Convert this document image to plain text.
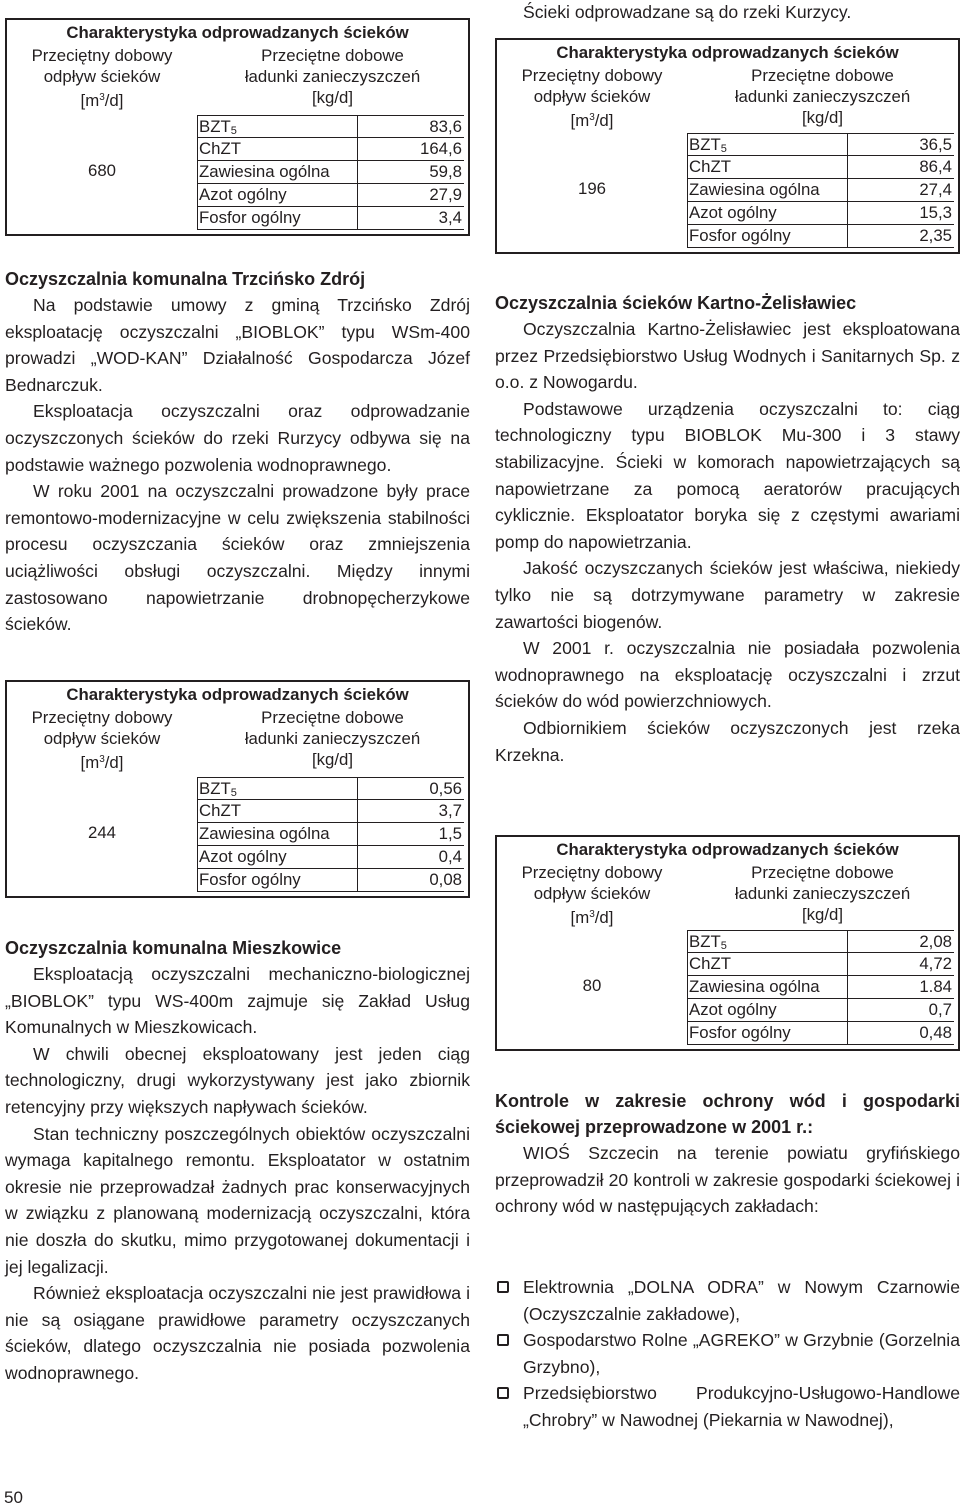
Charakterystyka odprowadzanych ścieków
Przeciętny dobowy
odpływ ścieków
$[m^3/d]$
Przeciętne dobowe
ładunki zanieczyszczeń
[kg/d]
680
$BZT_5$	83,6
ChZT	164,6
Zawiesina ogólna	59,8
Azot ogólny	27,9
Fosfor ogólny	3,4
Oczyszczalnia komunalna Trzcińsko Zdrój

Na podstawie umowy z gminą Trzcińsko Zdrój eksploatację oczyszczalni „BIOBLOK” typu WSm-400 prowadzi „WOD-KAN” Działalność Gospodarcza Józef Bednarczuk.

Eksploatacja oczyszczalni oraz odprowadzanie oczyszczonych ścieków do rzeki Rurzycy odbywa się na podstawie ważnego pozwolenia wodnoprawnego.

W roku 2001 na oczyszczalni prowadzone były prace remontowo-modernizacyjne w celu zwiększenia stabilności procesu oczyszczania ścieków oraz zmniejszenia uciążliwości obsługi oczyszczalni. Między innymi zastosowano napowietrzanie drobnopęcherzykowe ścieków.

Charakterystyka odprowadzanych ścieków
Przeciętny dobowy
odpływ ścieków
$[m^3/d]$
Przeciętne dobowe
ładunki zanieczyszczeń
[kg/d]
244
$BZT_5$	0,56
ChZT	3,7
Zawiesina ogólna	1,5
Azot ogólny	0,4
Fosfor ogólny	0,08
Oczyszczalnia komunalna Mieszkowice

Eksploatacją oczyszczalni mechaniczno-biologicznej „BIOBLOK” typu WS-400m zajmuje się Zakład Usług Komunalnych w Mieszkowicach.

W chwili obecnej eksploatowany jest jeden ciąg technologiczny, drugi wykorzystywany jest jako zbiornik retencyjny przy większych napływach ścieków.

Stan techniczny poszczególnych obiektów oczyszczalni wymaga kapitalnego remontu. Eksploatator w ostatnim okresie nie przeprowadzał żadnych prac konserwacyjnych w związku z planowaną modernizacją oczyszczalni, która nie doszła do skutku, mimo przygotowanej dokumentacji i jej legalizacji.

Również eksploatacja oczyszczalni nie jest prawidłowa i nie są osiągane prawidłowe parametry oczyszczanych ścieków, dlatego oczyszczalnia nie posiada pozwolenia wodnoprawnego.

Ścieki odprowadzane są do rzeki Kurzycy.

Charakterystyka odprowadzanych ścieków
Przeciętny dobowy
odpływ ścieków
$[m^3/d]$
Przeciętne dobowe
ładunki zanieczyszczeń
[kg/d]
196
$BZT_5$	36,5
ChZT	86,4
Zawiesina ogólna	27,4
Azot ogólny	15,3
Fosfor ogólny	2,35
Oczyszczalnia ścieków Kartno-Żelisławiec

Oczyszczalnia Kartno-Żelisławiec jest eksploatowana przez Przedsiębiorstwo Usług Wodnych i Sanitarnych Sp. z o.o. z Nowogardu.

Podstawowe urządzenia oczyszczalni to: ciąg technologiczny typu BIOBLOK Mu-300 i 3 stawy stabilizacyjne. Ścieki w komorach napowietrzających są napowietrzane za pomocą aeratorów pracujących cyklicznie. Eksploatator boryka się z częstymi awariami pomp do napowietrzania.

Jakość oczyszczanych ścieków jest właściwa, niekiedy tylko nie są dotrzymywane parametry w zakresie zawartości biogenów.

W 2001 r. oczyszczalnia nie posiadała pozwolenia wodnoprawnego na eksploatację oczyszczalni i zrzut ścieków do wód powierzchniowych.

Odbiornikiem ścieków oczyszczonych jest rzeka Krzekna.

Charakterystyka odprowadzanych ścieków
Przeciętny dobowy
odpływ ścieków
$[m^3/d]$
Przeciętne dobowe
ładunki zanieczyszczeń
[kg/d]
80
$BZT_5$	2,08
ChZT	4,72
Zawiesina ogólna	1.84
Azot ogólny	0,7
Fosfor ogólny	0,48
Kontrole w zakresie ochrony wód i gospodarki ściekowej przeprowadzone w 2001 r.:

WIOŚ Szczecin na terenie powiatu gryfińskiego przeprowadził 20 kontroli w zakresie gospodarki ściekowej i ochrony wód w następujących zakładach:

Elektrownia „DOLNA ODRA” w Nowym Czarnowie (Oczyszczalnie zakładowe),
Gospodarstwo Rolne „AGREKO” w Grzybnie (Gorzelnia Grzybno),
Przedsiębiorstwo Produkcyjno-Usługowo-Handlowe „Chrobry” w Nawodnej (Piekarnia w Nawodnej),
50
